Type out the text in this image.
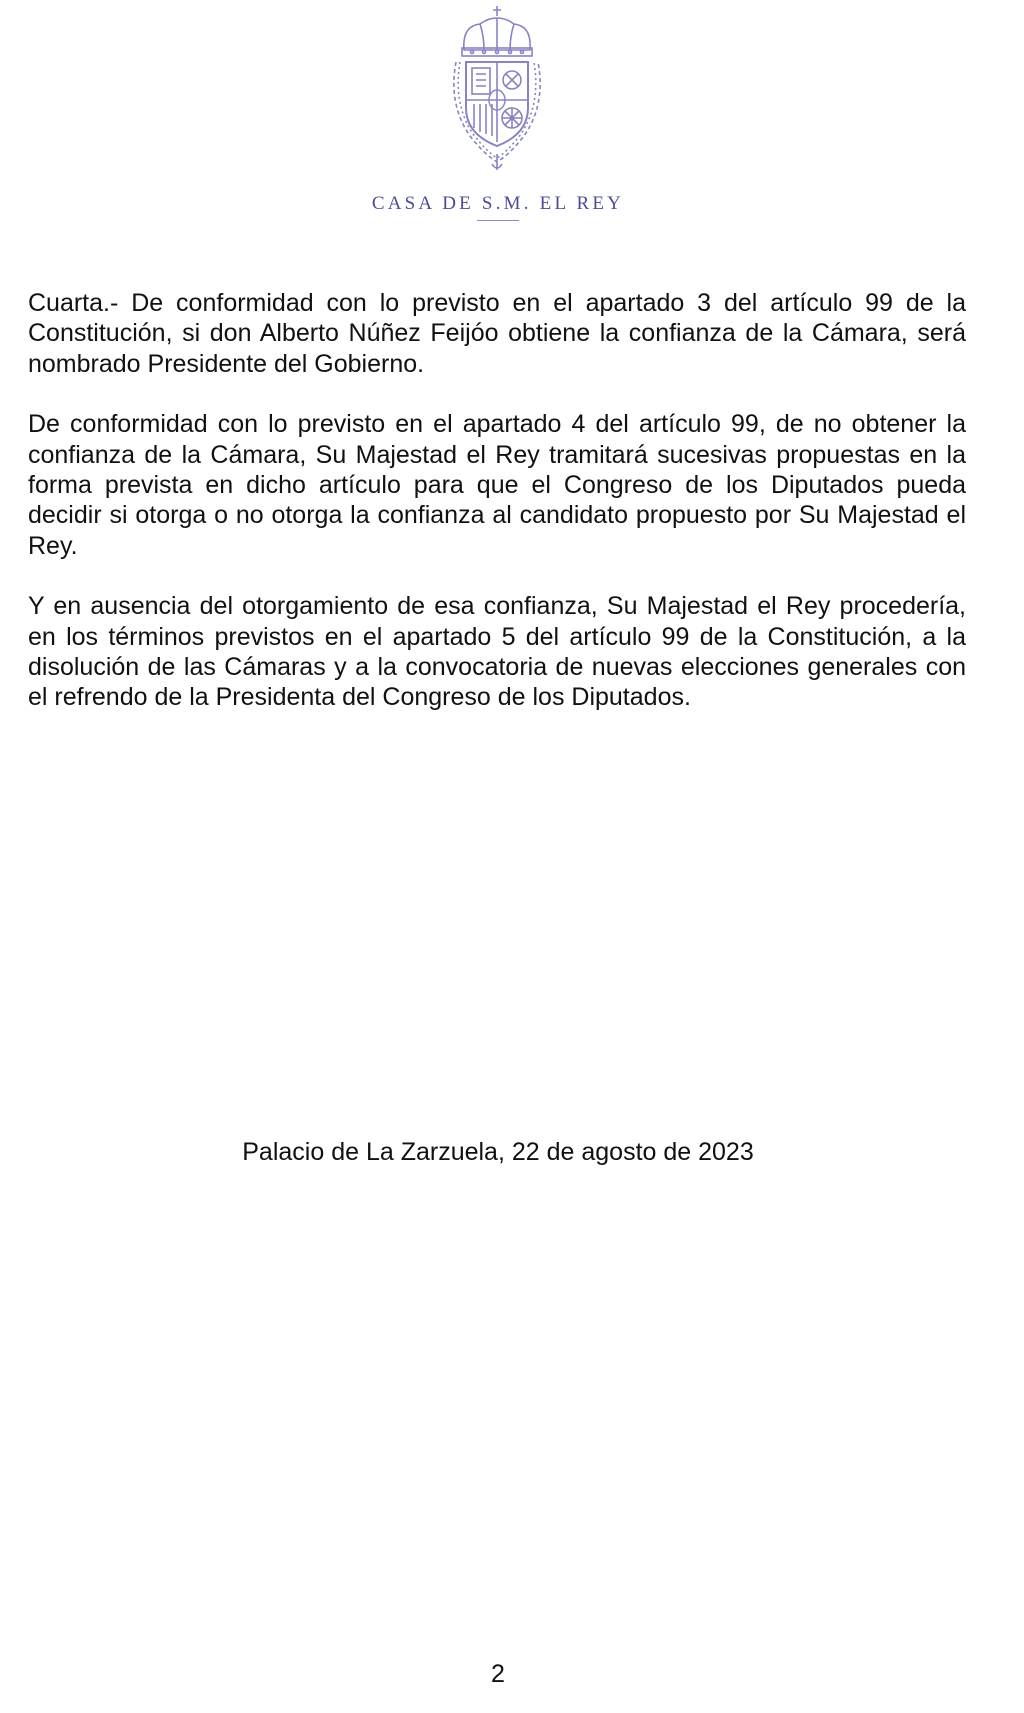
CASA DE S.M. EL REY

Cuarta.- De conformidad con lo previsto en el apartado 3 del artículo 99 de la Constitución, si don Alberto Núñez Feijóo obtiene la confianza de la Cámara, será nombrado Presidente del Gobierno.

De conformidad con lo previsto en el apartado 4 del artículo 99, de no obtener la confianza de la Cámara, Su Majestad el Rey tramitará sucesivas propuestas en la forma prevista en dicho artículo para que el Congreso de los Diputados pueda decidir si otorga o no otorga la confianza al candidato propuesto por Su Majestad el Rey.

Y en ausencia del otorgamiento de esa confianza, Su Majestad el Rey procedería, en los términos previstos en el apartado 5 del artículo 99 de la Constitución, a la disolución de las Cámaras y a la convocatoria de nuevas elecciones generales con el refrendo de la Presidenta del Congreso de los Diputados.

Palacio de La Zarzuela, 22 de agosto de 2023
2
